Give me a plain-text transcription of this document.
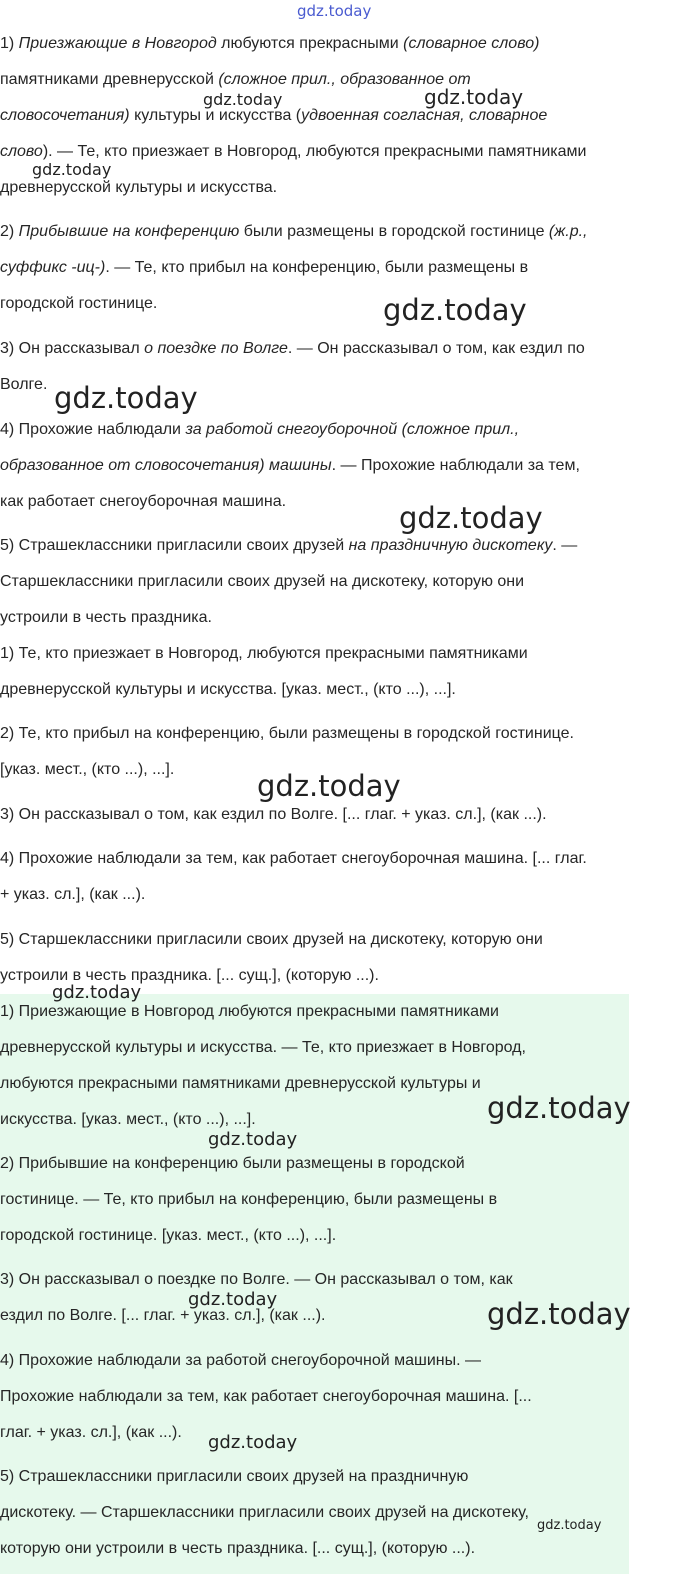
1) Приезжающие в Новгород любуются прекрасными (словарное слово)
памятниками древнерусской (сложное прил., образованное от
словосочетания) культуры и искусства (удвоенная согласная, словарное
слово). — Те, кто приезжает в Новгород, любуются прекрасными памятниками
древнерусской культуры и искусства.
2) Прибывшие на конференцию были размещены в городской гостинице (ж.р.,
суффикс -иц-). — Те, кто прибыл на конференцию, были размещены в
городской гостинице.
3) Он рассказывал о поездке по Волге. — Он рассказывал о том, как ездил по
Волге.
4) Прохожие наблюдали за работой снегоуборочной (сложное прил.,
образованное от словосочетания) машины. — Прохожие наблюдали за тем,
как работает снегоуборочная машина.
5) Страшеклассники пригласили своих друзей на праздничную дискотеку. —
Старшеклассники пригласили своих друзей на дискотеку, которую они
устроили в честь праздника.
1) Те, кто приезжает в Новгород, любуются прекрасными памятниками
древнерусской культуры и искусства. [указ. мест., (кто ...), ...].
2) Те, кто прибыл на конференцию, были размещены в городской гостинице.
[указ. мест., (кто ...), ...].
3) Он рассказывал о том, как ездил по Волге. [... глаг. + указ. сл.], (как ...).
4) Прохожие наблюдали за тем, как работает снегоуборочная машина. [... глаг.
+ указ. сл.], (как ...).
5) Старшеклассники пригласили своих друзей на дискотеку, которую они
устроили в честь праздника. [... сущ.], (которую ...).
1) Приезжающие в Новгород любуются прекрасными памятниками
древнерусской культуры и искусства. — Те, кто приезжает в Новгород,
любуются прекрасными памятниками древнерусской культуры и
искусства. [указ. мест., (кто ...), ...].
2) Прибывшие на конференцию были размещены в городской
гостинице. — Те, кто прибыл на конференцию, были размещены в
городской гостинице. [указ. мест., (кто ...), ...].
3) Он рассказывал о поездке по Волге. — Он рассказывал о том, как
ездил по Волге. [... глаг. + указ. сл.], (как ...).
4) Прохожие наблюдали за работой снегоуборочной машины. —
Прохожие наблюдали за тем, как работает снегоуборочная машина. [...
глаг. + указ. сл.], (как ...).
5) Страшеклассники пригласили своих друзей на праздничную
дискотеку. — Старшеклассники пригласили своих друзей на дискотеку,
которую они устроили в честь праздника. [... сущ.], (которую ...).
gdz.today
gdz.today	gdz.today
gdz.today
gdz.today
gdz.today
gdz.today
gdz.today
gdz.today
gdz.today
gdz.today
gdz.today	gdz.today
gdz.today
gdz.today
